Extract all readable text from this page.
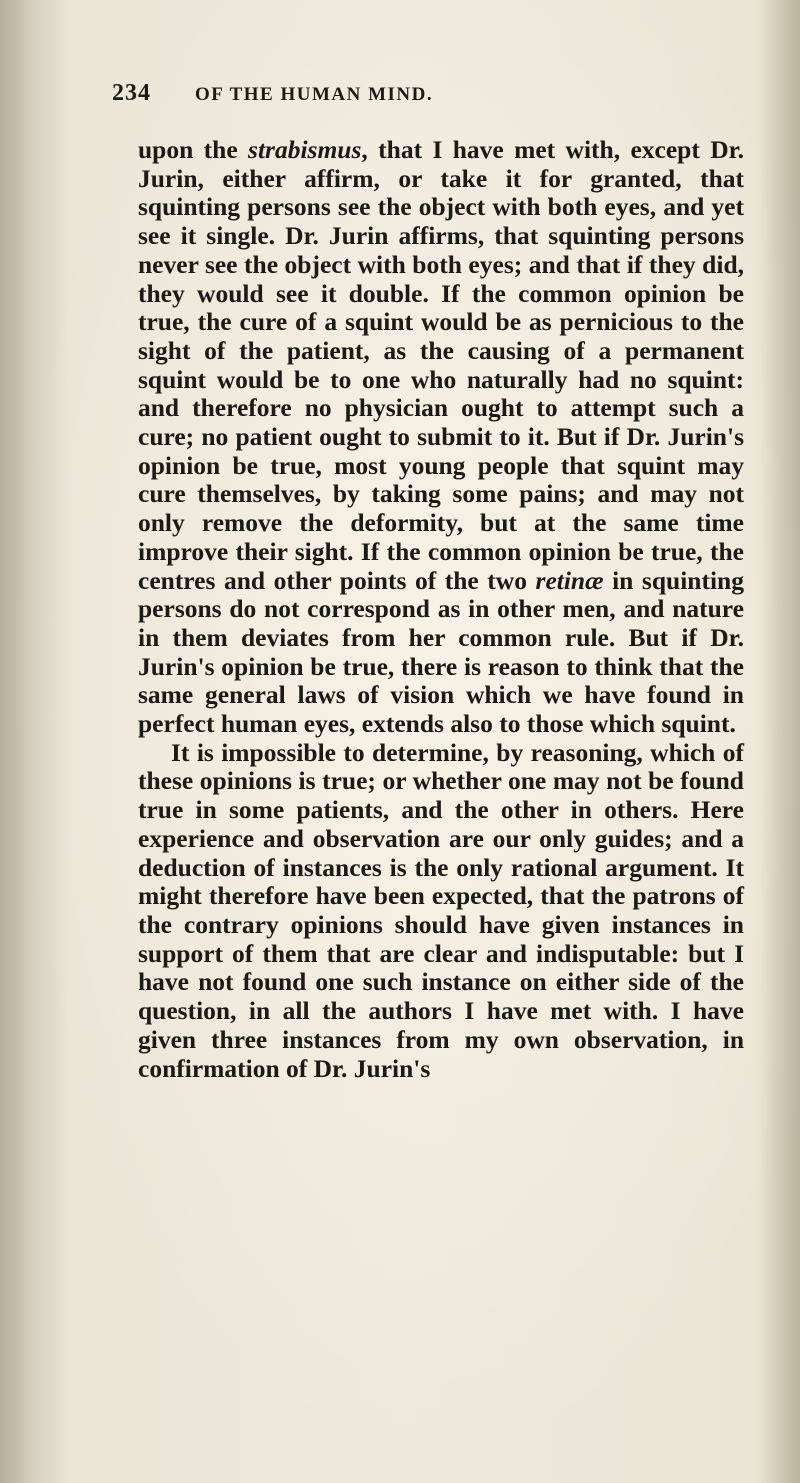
234 OF THE HUMAN MIND.

upon the strabismus, that I have met with, except Dr. Jurin, either affirm, or take it for granted, that squinting persons see the object with both eyes, and yet see it single. Dr. Jurin affirms, that squinting persons never see the object with both eyes; and that if they did, they would see it double. If the common opinion be true, the cure of a squint would be as pernicious to the sight of the patient, as the causing of a permanent squint would be to one who naturally had no squint: and therefore no physician ought to attempt such a cure; no patient ought to submit to it. But if Dr. Jurin's opinion be true, most young people that squint may cure themselves, by taking some pains; and may not only remove the deformity, but at the same time improve their sight. If the common opinion be true, the centres and other points of the two retinæ in squinting persons do not correspond as in other men, and nature in them deviates from her common rule. But if Dr. Jurin's opinion be true, there is reason to think that the same general laws of vision which we have found in perfect human eyes, extends also to those which squint.

It is impossible to determine, by reasoning, which of these opinions is true; or whether one may not be found true in some patients, and the other in others. Here experience and observation are our only guides; and a deduction of instances is the only rational argument. It might therefore have been expected, that the patrons of the contrary opinions should have given instances in support of them that are clear and indisputable: but I have not found one such instance on either side of the question, in all the authors I have met with. I have given three instances from my own observation, in confirmation of Dr. Jurin's
